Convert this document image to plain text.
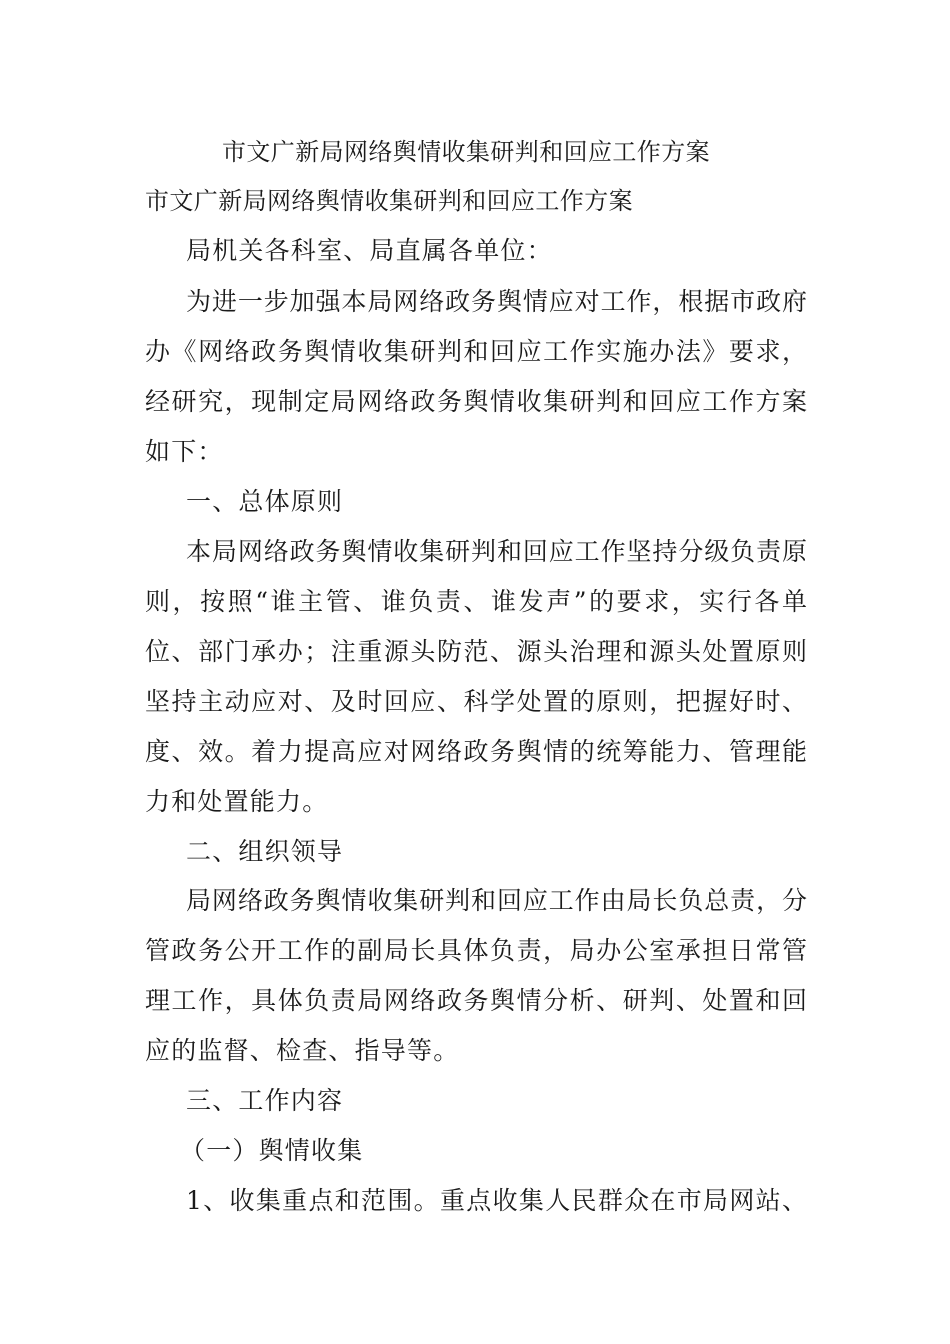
市文广新局网络舆情收集研判和回应工作方案
市文广新局网络舆情收集研判和回应工作方案
局机关各科室、局直属各单位：
为进一步加强本局网络政务舆情应对工作，根据市政府
办《网络政务舆情收集研判和回应工作实施办法》要求，
经研究，现制定局网络政务舆情收集研判和回应工作方案
如下：
一、总体原则
本局网络政务舆情收集研判和回应工作坚持分级负责原
则，按照“谁主管、谁负责、谁发声”的要求，实行各单
位、部门承办；注重源头防范、源头治理和源头处置原则
坚持主动应对、及时回应、科学处置的原则，把握好时、
度、效。着力提高应对网络政务舆情的统筹能力、管理能
力和处置能力。
二、组织领导
局网络政务舆情收集研判和回应工作由局长负总责，分
管政务公开工作的副局长具体负责，局办公室承担日常管
理工作，具体负责局网络政务舆情分析、研判、处置和回
应的监督、检查、指导等。
三、工作内容
（一）舆情收集
1、收集重点和范围。重点收集人民群众在市局网站、
